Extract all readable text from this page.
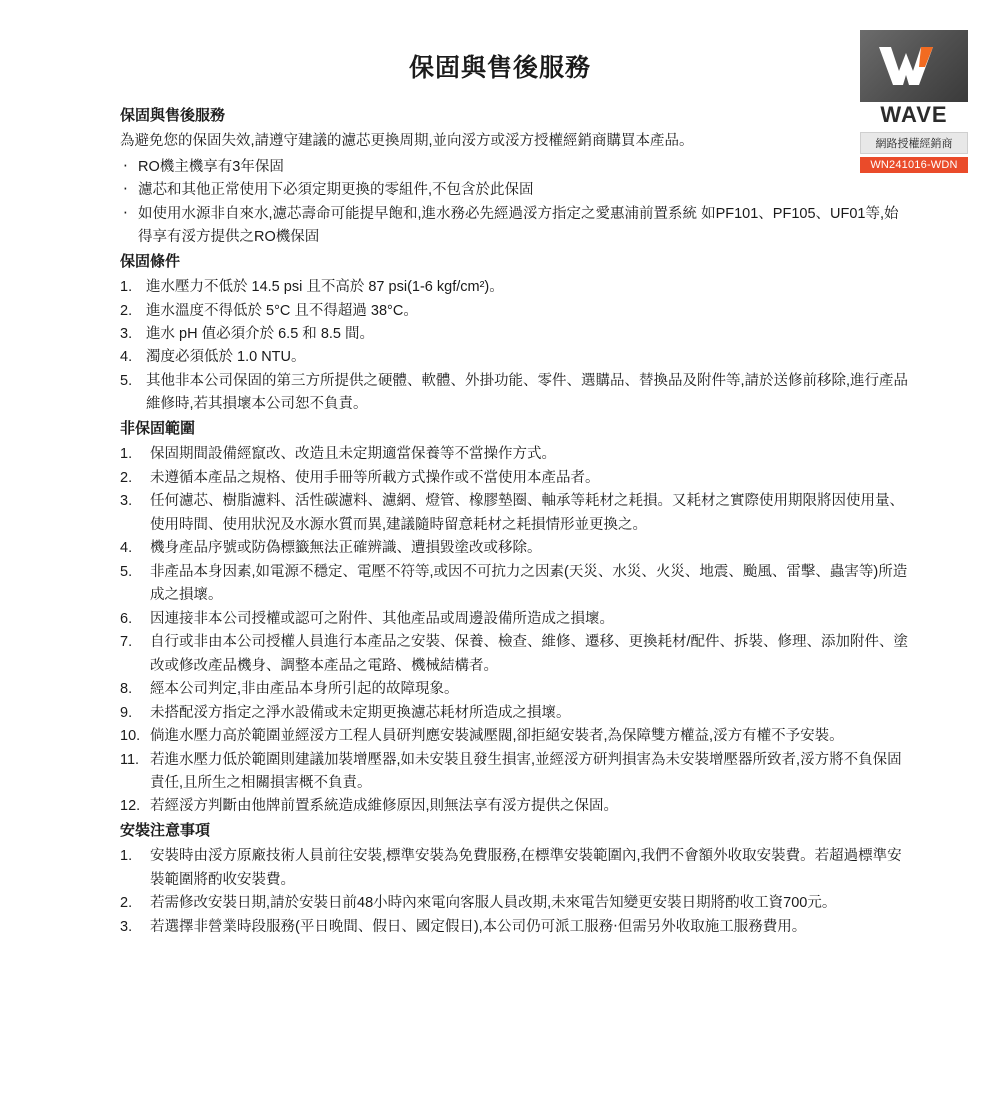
保固與售後服務
WAVE
網路授權經銷商
WN241016-WDN
保固與售後服務

為避免您的保固失效,請遵守建議的濾芯更換周期,並向浽方或浽方授權經銷商購買本產品。

‧ RO機主機享有3年保固
‧ 濾芯和其他正常使用下必須定期更換的零組件,不包含於此保固
‧ 如使用水源非自來水,濾芯壽命可能提早飽和,進水務必先經過浽方指定之愛惠浦前置系統 如PF101、PF105、UF01等,始得享有浽方提供之RO機保固
保固條件
1. 進水壓力不低於 14.5 psi 且不高於 87 psi(1-6 kgf/cm²)。
2. 進水溫度不得低於 5°C 且不得超過 38°C。
3. 進水 pH 值必須介於 6.5 和 8.5 間。
4. 濁度必須低於 1.0 NTU。
5. 其他非本公司保固的第三方所提供之硬體、軟體、外掛功能、零件、選購品、替換品及附件等,請於送修前移除,進行產品維修時,若其損壞本公司恕不負責。
非保固範圍
1.	保固期間設備經竄改、改造且未定期適當保養等不當操作方式。
2.	未遵循本產品之規格、使用手冊等所載方式操作或不當使用本產品者。
3.	任何濾芯、樹脂濾料、活性碳濾料、濾網、燈管、橡膠墊圈、軸承等耗材之耗損。又耗材之實際使用期限將因使用量、使用時間、使用狀況及水源水質而異,建議隨時留意耗材之耗損情形並更換之。
4.	機身產品序號或防偽標籤無法正確辨識、遭損毀塗改或移除。
5.	非產品本身因素,如電源不穩定、電壓不符等,或因不可抗力之因素(天災、水災、火災、地震、颱風、雷擊、蟲害等)所造成之損壞。
6.	因連接非本公司授權或認可之附件、其他產品或周邊設備所造成之損壞。
7.	自行或非由本公司授權人員進行本產品之安裝、保養、檢查、維修、遷移、更換耗材/配件、拆裝、修理、添加附件、塗改或修改產品機身、調整本產品之電路、機械結構者。
8.	經本公司判定,非由產品本身所引起的故障現象。
9.	未搭配浽方指定之淨水設備或未定期更換濾芯耗材所造成之損壞。
10. 倘進水壓力高於範圍並經浽方工程人員研判應安裝減壓閥,卻拒絕安裝者,為保障雙方權益,浽方有權不予安裝。
11. 若進水壓力低於範圍則建議加裝增壓器,如未安裝且發生損害,並經浽方研判損害為未安裝增壓器所致者,浽方將不負保固責任,且所生之相關損害概不負責。
12. 若經浽方判斷由他牌前置系統造成維修原因,則無法享有浽方提供之保固。
安裝注意事項
1.	安裝時由浽方原廠技術人員前往安裝,標準安裝為免費服務,在標準安裝範圍內,我們不會額外收取安裝費。若超過標準安裝範圍將酌收安裝費。
2.	若需修改安裝日期,請於安裝日前48小時內來電向客服人員改期,未來電告知變更安裝日期將酌收工資700元。
3.	若選擇非營業時段服務(平日晚間、假日、國定假日),本公司仍可派工服務‧但需另外收取施工服務費用。
